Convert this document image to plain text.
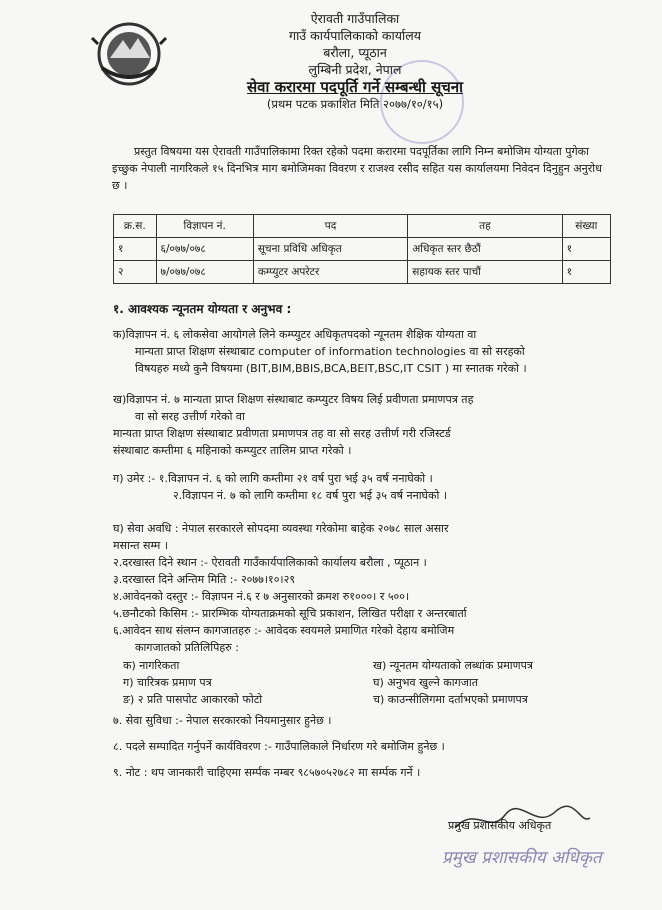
ऐरावती गाउँपालिका
गाउँ कार्यपालिकाको कार्यालय
बरौला, प्यूठान
लुम्बिनी प्रदेश, नेपाल
सेवा करारमा पदपूर्ति गर्ने सम्बन्धी सूचना
(प्रथम पटक प्रकाशित मिति २०७७/१०/१५)
प्रस्तुत विषयमा यस ऐरावती गाउँपालिकामा रिक्त रहेको पदमा करारमा पदपूर्तिका लागि निम्न बमोजिम योग्यता पुगेका इच्छुक नेपाली नागरिकले १५ दिनभित्र माग बमोजिमका विवरण र राजश्व रसीद सहित यस कार्यालयमा निवेदन दिनुहुन अनुरोध छ ।
क्र.स.	विज्ञापन नं.	पद	तह	संख्या
१	६/०७७/०७८	सूचना प्रविधि अधिकृत	अधिकृत स्तर छैठौं	१
२	७/०७७/०७८	कम्प्युटर अपरेटर	सहायक स्तर पाचौं	१
१. आवश्यक न्यूनतम योग्यता र अनुभव :
क)विज्ञापन नं. ६ लोकसेवा आयोगले लिने कम्प्युटर अधिकृतपदको न्यूनतम शैक्षिक योग्यता वा
मान्यता प्राप्त शिक्षण संस्थाबाट computer of information technologies वा सो सरहको
विषयहरु मध्ये कुनै विषयमा (BIT,BIM,BBIS,BCA,BEIT,BSC,IT CSIT ) मा स्नातक गरेको ।
ख)विज्ञापन नं. ७ मान्यता प्राप्त शिक्षण संस्थाबाट कम्प्युटर विषय लिई प्रवीणता प्रमाणपत्र तह
वा सो सरह उत्तीर्ण गरेको वा
मान्यता प्राप्त शिक्षण संस्थाबाट प्रवीणता प्रमाणपत्र तह वा सो सरह उत्तीर्ण गरी रजिस्टर्ड
संस्थाबाट कम्तीमा ६ महिनाको कम्प्युटर तालिम प्राप्त गरेको ।
ग) उमेर :- १.विज्ञापन नं. ६ को लागि कम्तीमा २१ वर्ष पुरा भई ३५ वर्ष ननाघेको ।
२.विज्ञापन नं. ७ को लागि कम्तीमा १८ वर्ष पुरा भई ३५ वर्ष ननाघेको ।
घ) सेवा अवधि : नेपाल सरकारले सोपदमा व्यवस्था गरेकोमा बाहेक २०७८ साल असार
मसान्त सम्म ।
२.दरखास्त दिने स्थान :- ऐरावती गाउँकार्यपालिकाको कार्यालय बरौला , प्यूठान ।
३.दरखास्त दिने अन्तिम मिति :- २०७७।१०।२९
४.आवेदनको दस्तुर :- विज्ञापन नं.६ र ७ अनुसारको क्रमश रु१०००। र ५००।
५.छनौटको किसिम :- प्रारम्भिक योग्यताक्रमको सूचि प्रकाशन, लिखित परीक्षा र अन्तरबार्ता
६.आवेदन साथ संलग्न कागजातहरु :- आवेदक स्वयमले प्रमाणित गरेको देहाय बमोजिम
कागजातको प्रतिलिपिहरु :
क) नागरिकता	ख) न्यूनतम योग्यताको लब्धांक प्रमाणपत्र
ग) चारित्रक प्रमाण पत्र	घ) अनुभव खुल्ने कागजात
ङ) २ प्रति पासपोट आकारको फोटो	च) काउन्सीलिगमा दर्ताभएको प्रमाणपत्र
७. सेवा सुविधा :- नेपाल सरकारको नियमानुसार हुनेछ ।
८. पदले सम्पादित गर्नुपर्ने कार्यविवरण :- गाउँपालिकाले निर्धारण गरे बमोजिम हुनेछ ।
९. नोट : थप जानकारी चाहिएमा सर्म्पक नम्बर ९८५७०५२७८२ मा सर्म्पक गर्ने ।
प्रमुख प्रशासकीय अधिकृत
प्रमुख प्रशासकीय अधिकृत
